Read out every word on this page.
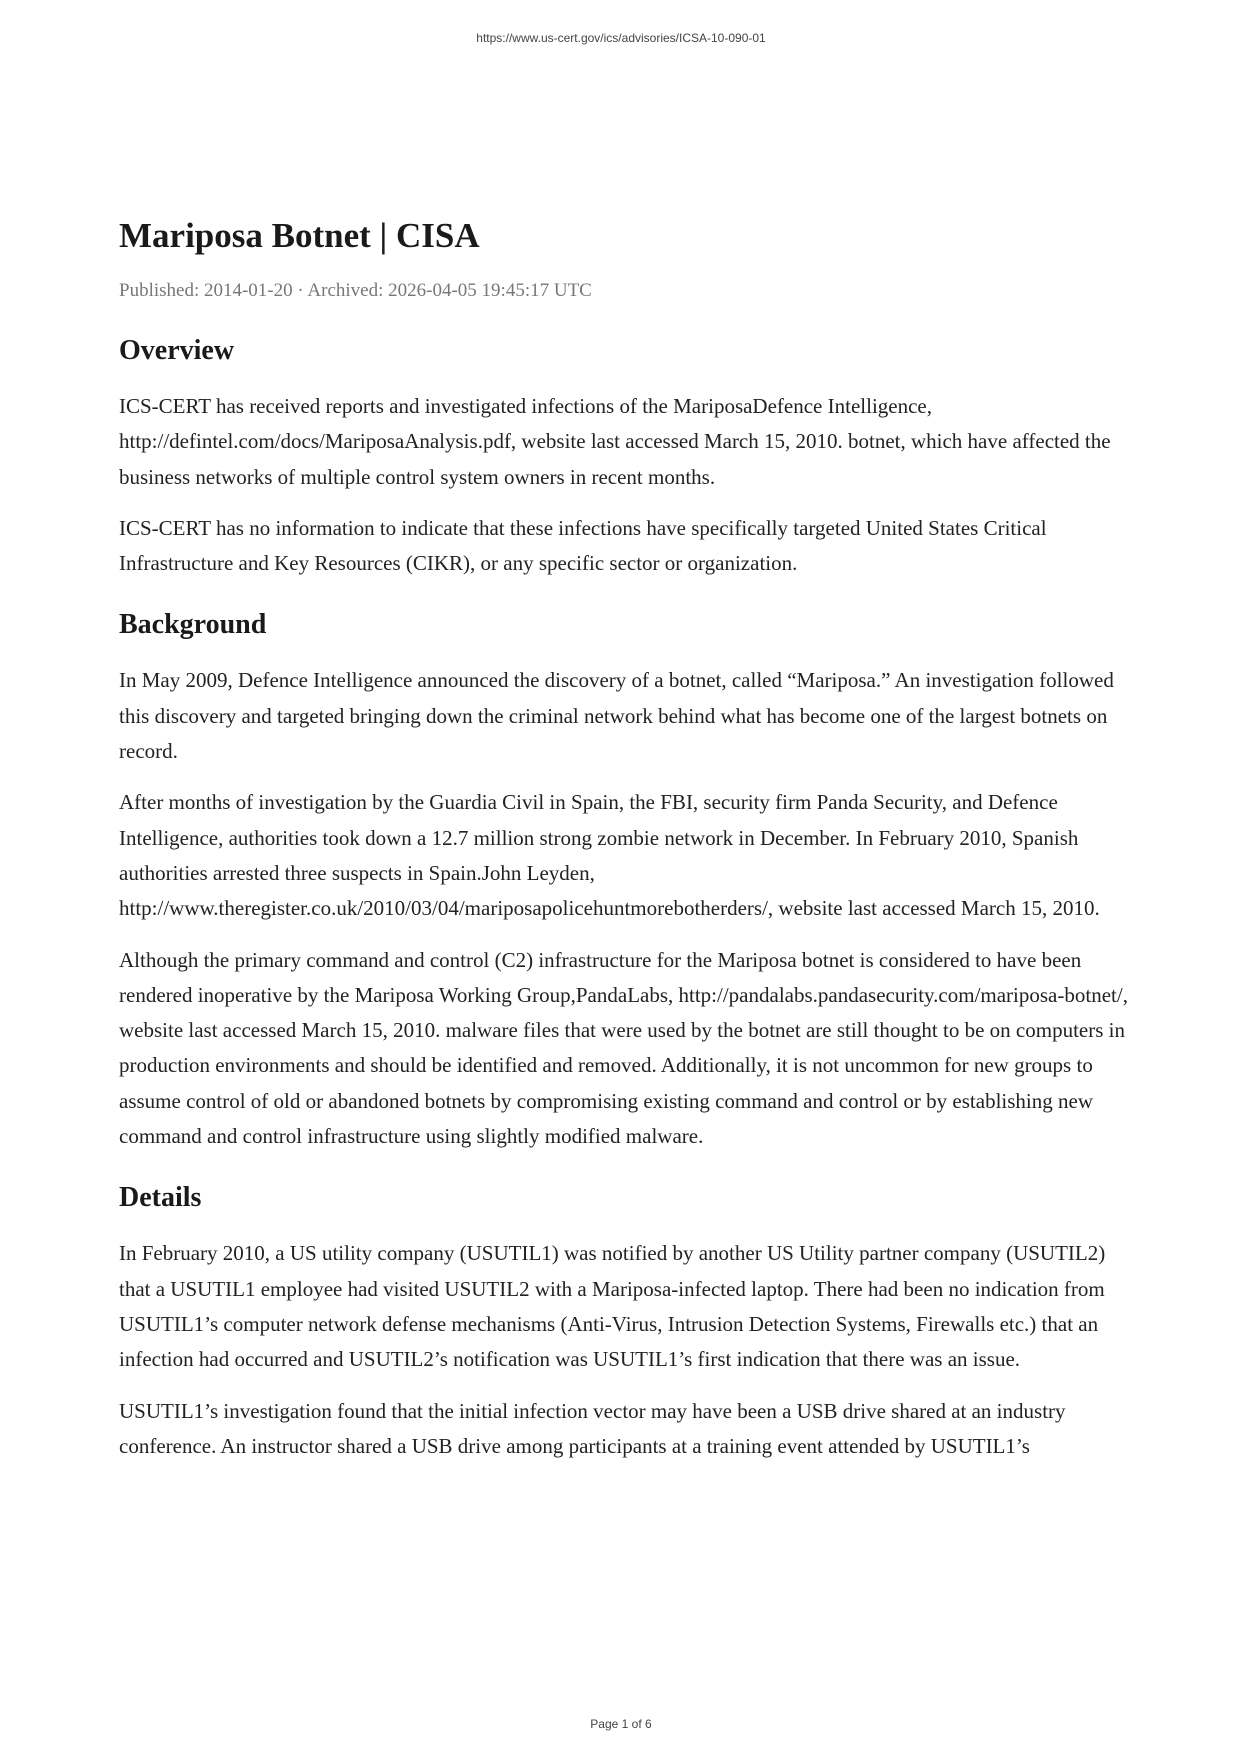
https://www.us-cert.gov/ics/advisories/ICSA-10-090-01
Mariposa Botnet | CISA
Published: 2014-01-20 · Archived: 2026-04-05 19:45:17 UTC
Overview

ICS-CERT has received reports and investigated infections of the MariposaDefence Intelligence, http://defintel.com/docs/MariposaAnalysis.pdf, website last accessed March 15, 2010. botnet, which have affected the business networks of multiple control system owners in recent months.

ICS-CERT has no information to indicate that these infections have specifically targeted United States Critical Infrastructure and Key Resources (CIKR), or any specific sector or organization.

Background

In May 2009, Defence Intelligence announced the discovery of a botnet, called “Mariposa.” An investigation followed this discovery and targeted bringing down the criminal network behind what has become one of the largest botnets on record.

After months of investigation by the Guardia Civil in Spain, the FBI, security firm Panda Security, and Defence Intelligence, authorities took down a 12.7 million strong zombie network in December. In February 2010, Spanish authorities arrested three suspects in Spain.John Leyden, http://www.theregister.co.uk/2010/03/04/mariposapolicehuntmorebotherders/, website last accessed March 15, 2010.

Although the primary command and control (C2) infrastructure for the Mariposa botnet is considered to have been rendered inoperative by the Mariposa Working Group,PandaLabs, http://pandalabs.pandasecurity.com/mariposa-botnet/, website last accessed March 15, 2010. malware files that were used by the botnet are still thought to be on computers in production environments and should be identified and removed. Additionally, it is not uncommon for new groups to assume control of old or abandoned botnets by compromising existing command and control or by establishing new command and control infrastructure using slightly modified malware.

Details

In February 2010, a US utility company (USUTIL1) was notified by another US Utility partner company (USUTIL2) that a USUTIL1 employee had visited USUTIL2 with a Mariposa-infected laptop. There had been no indication from USUTIL1’s computer network defense mechanisms (Anti-Virus, Intrusion Detection Systems, Firewalls etc.) that an infection had occurred and USUTIL2’s notification was USUTIL1’s first indication that there was an issue.

USUTIL1’s investigation found that the initial infection vector may have been a USB drive shared at an industry conference. An instructor shared a USB drive among participants at a training event attended by USUTIL1’s

Page 1 of 6
